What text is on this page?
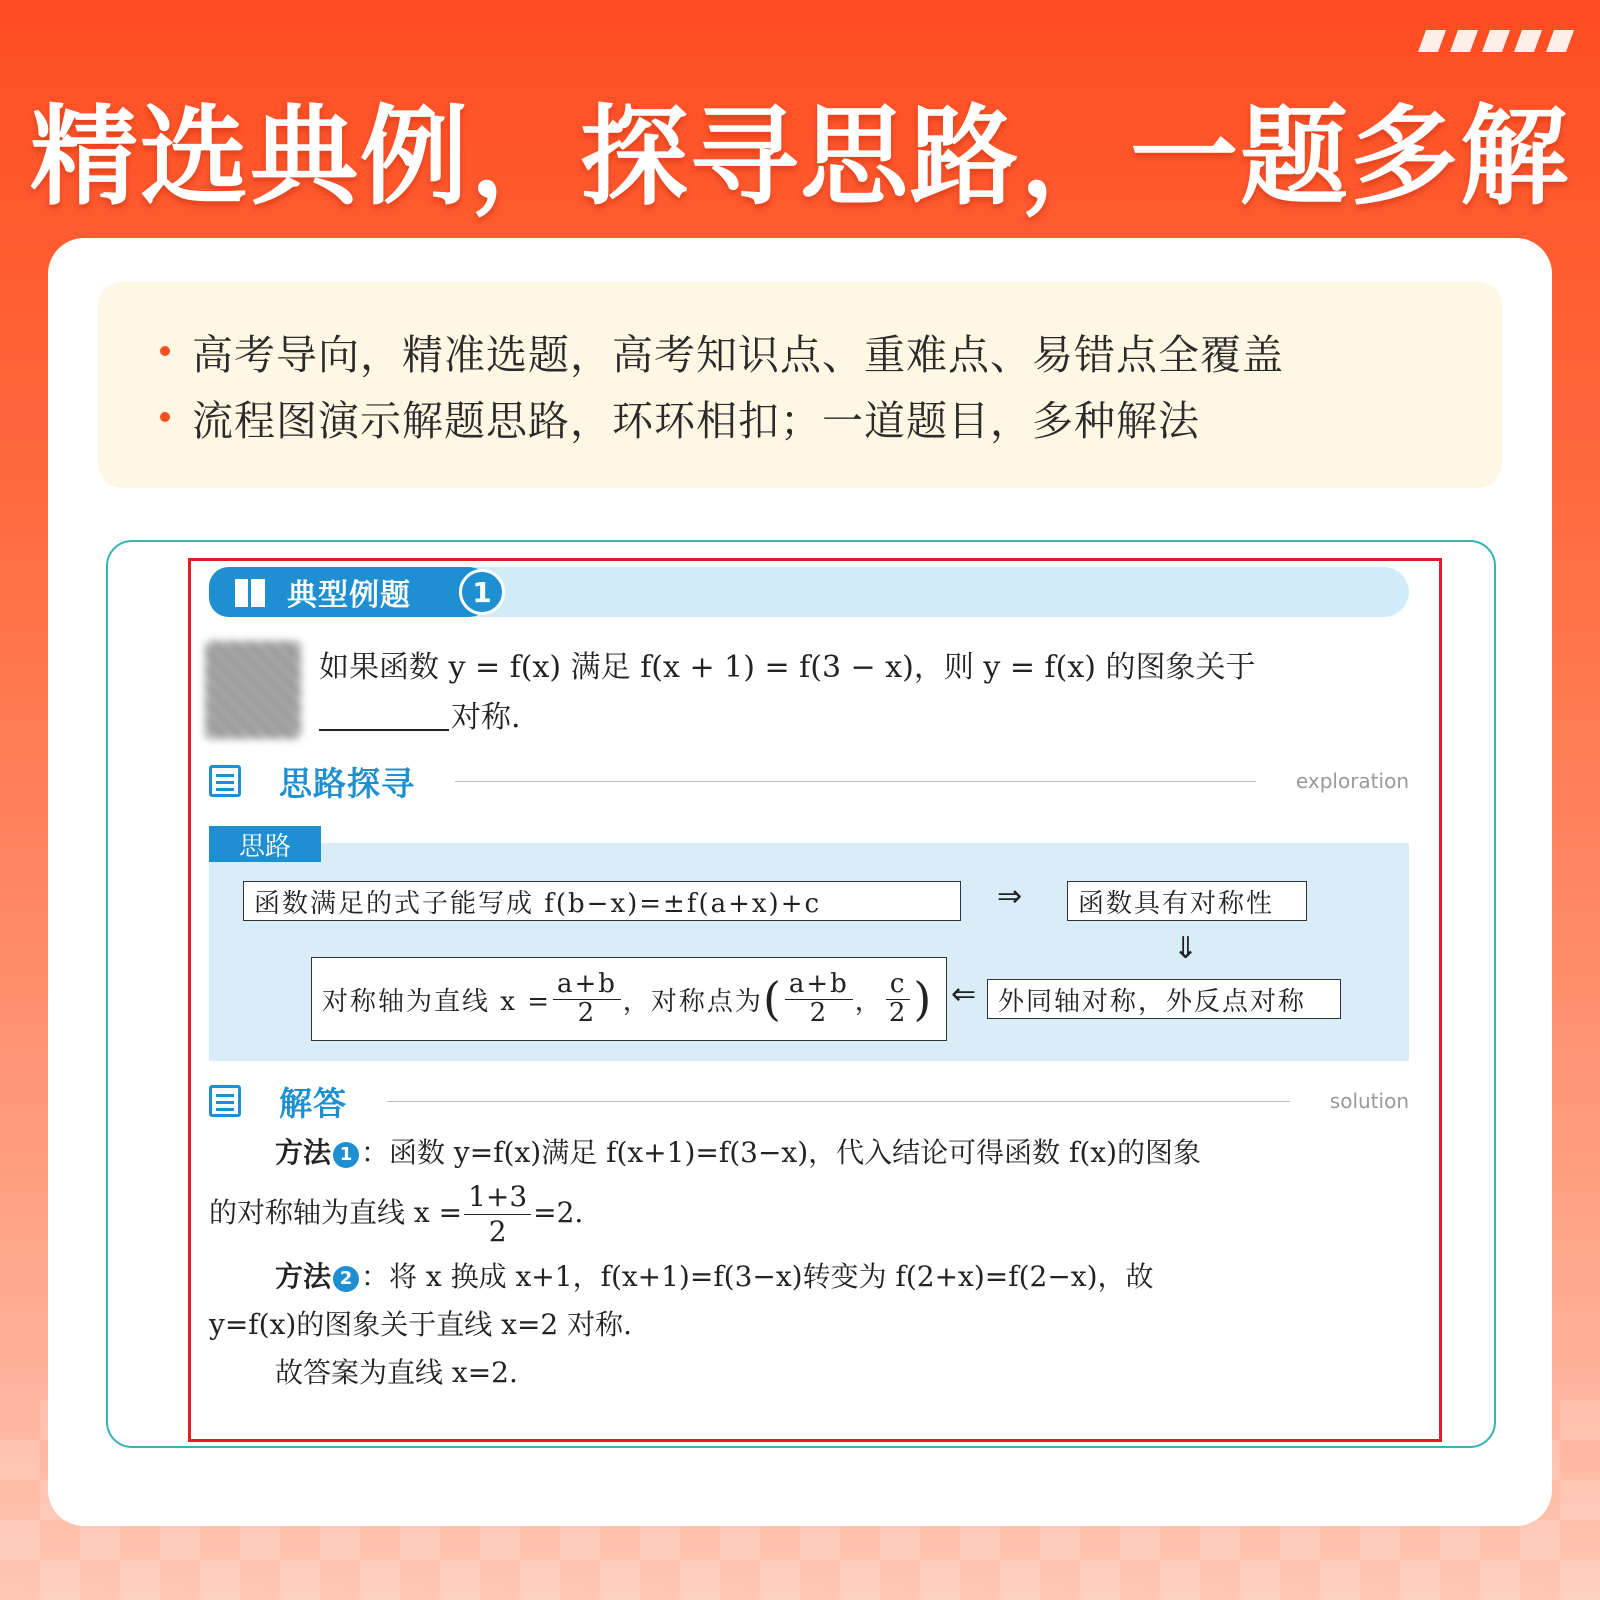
精选典例，探寻思路，一题多解
高考导向，精准选题，高考知识点、重难点、易错点全覆盖
流程图演示解题思路，环环相扣；一道题目，多种解法
典型例题	1
如果函数 y = f(x) 满足 f(x + 1) = f(3 − x)，则 y = f(x) 的图象关于
对称.
思路探寻	exploration
函数满足的式子能写成 f(b−x)=±f(a+x)+c	⇒	函数具有对称性
⇓
外同轴对称，外反点对称
⇐
对称轴为直线 $x = \frac{a+b}{2}$ ，对称点为 ( $\frac{a+b}{2}$ ， $\frac{c}{2}$ )
思路
解答	solution

方法 1 ：函数 y=f(x)满足 f(x+1)=f(3−x)，代入结论可得函数 f(x)的图象

的对称轴为直线 $x = \frac{1+3}{2} =2$.

方法 2 ：将 x 换成 x+1，f(x+1)=f(3−x)转变为 f(2+x)=f(2−x)，故

y=f(x)的图象关于直线 x=2 对称.

故答案为直线 x=2.
